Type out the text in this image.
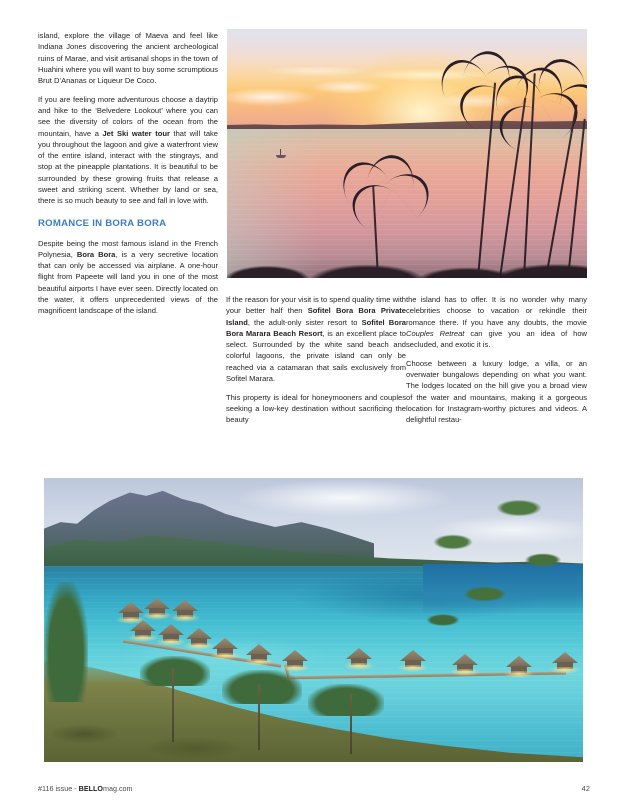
island, explore the village of Maeva and feel like Indiana Jones discovering the ancient archeological ruins of Marae, and visit artisanal shops in the town of Huahini where you will want to buy some scrumptious Brut D’Ananas or Liqueur De Coco.

If you are feeling more adventurous choose a daytrip and hike to the ‘Belvedere Lookout’ where you can see the diversity of colors of the ocean from the mountain, have a Jet Ski water tour that will take you throughout the lagoon and give a waterfront view of the entire island, interact with the stingrays, and stop at the pineapple plantations. It is beautiful to be surrounded by these growing fruits that release a sweet and striking scent. Whether by land or sea, there is so much beauty to see and fall in love with.

ROMANCE IN BORA BORA

Despite being the most famous island in the French Polynesia, Bora Bora, is a very secretive location that can only be accessed via airplane. A one-hour flight from Papeete will land you in one of the most beautiful airports I have ever seen. Directly located on the water, it offers unprecedented views of the magnificent landscape of the island.

If the reason for your visit is to spend quality time with your better half then Sofitel Bora Bora Private Island, the adult-only sister resort to Sofitel Bora Bora Marara Beach Resort, is an excellent place to select. Surrounded by the white sand beach and colorful lagoons, the private island can only be reached via a catamaran that sails exclusively from Sofitel Marara.

This property is ideal for honeymooners and couples seeking a low-key destination without sacrificing the beauty

the island has to offer. It is no wonder why many celebrities choose to vacation or rekindle their romance there. If you have any doubts, the movie Couples Retreat can give you an idea of how secluded, and exotic it is.

Choose between a luxury lodge, a villa, or an overwater bungalows depending on what you want. The lodges located on the hill give you a broad view of the water and mountains, making it a gorgeous location for Instagram-worthy pictures and videos. A delightful restau-

#116 issue - BELLOmag.com	42
